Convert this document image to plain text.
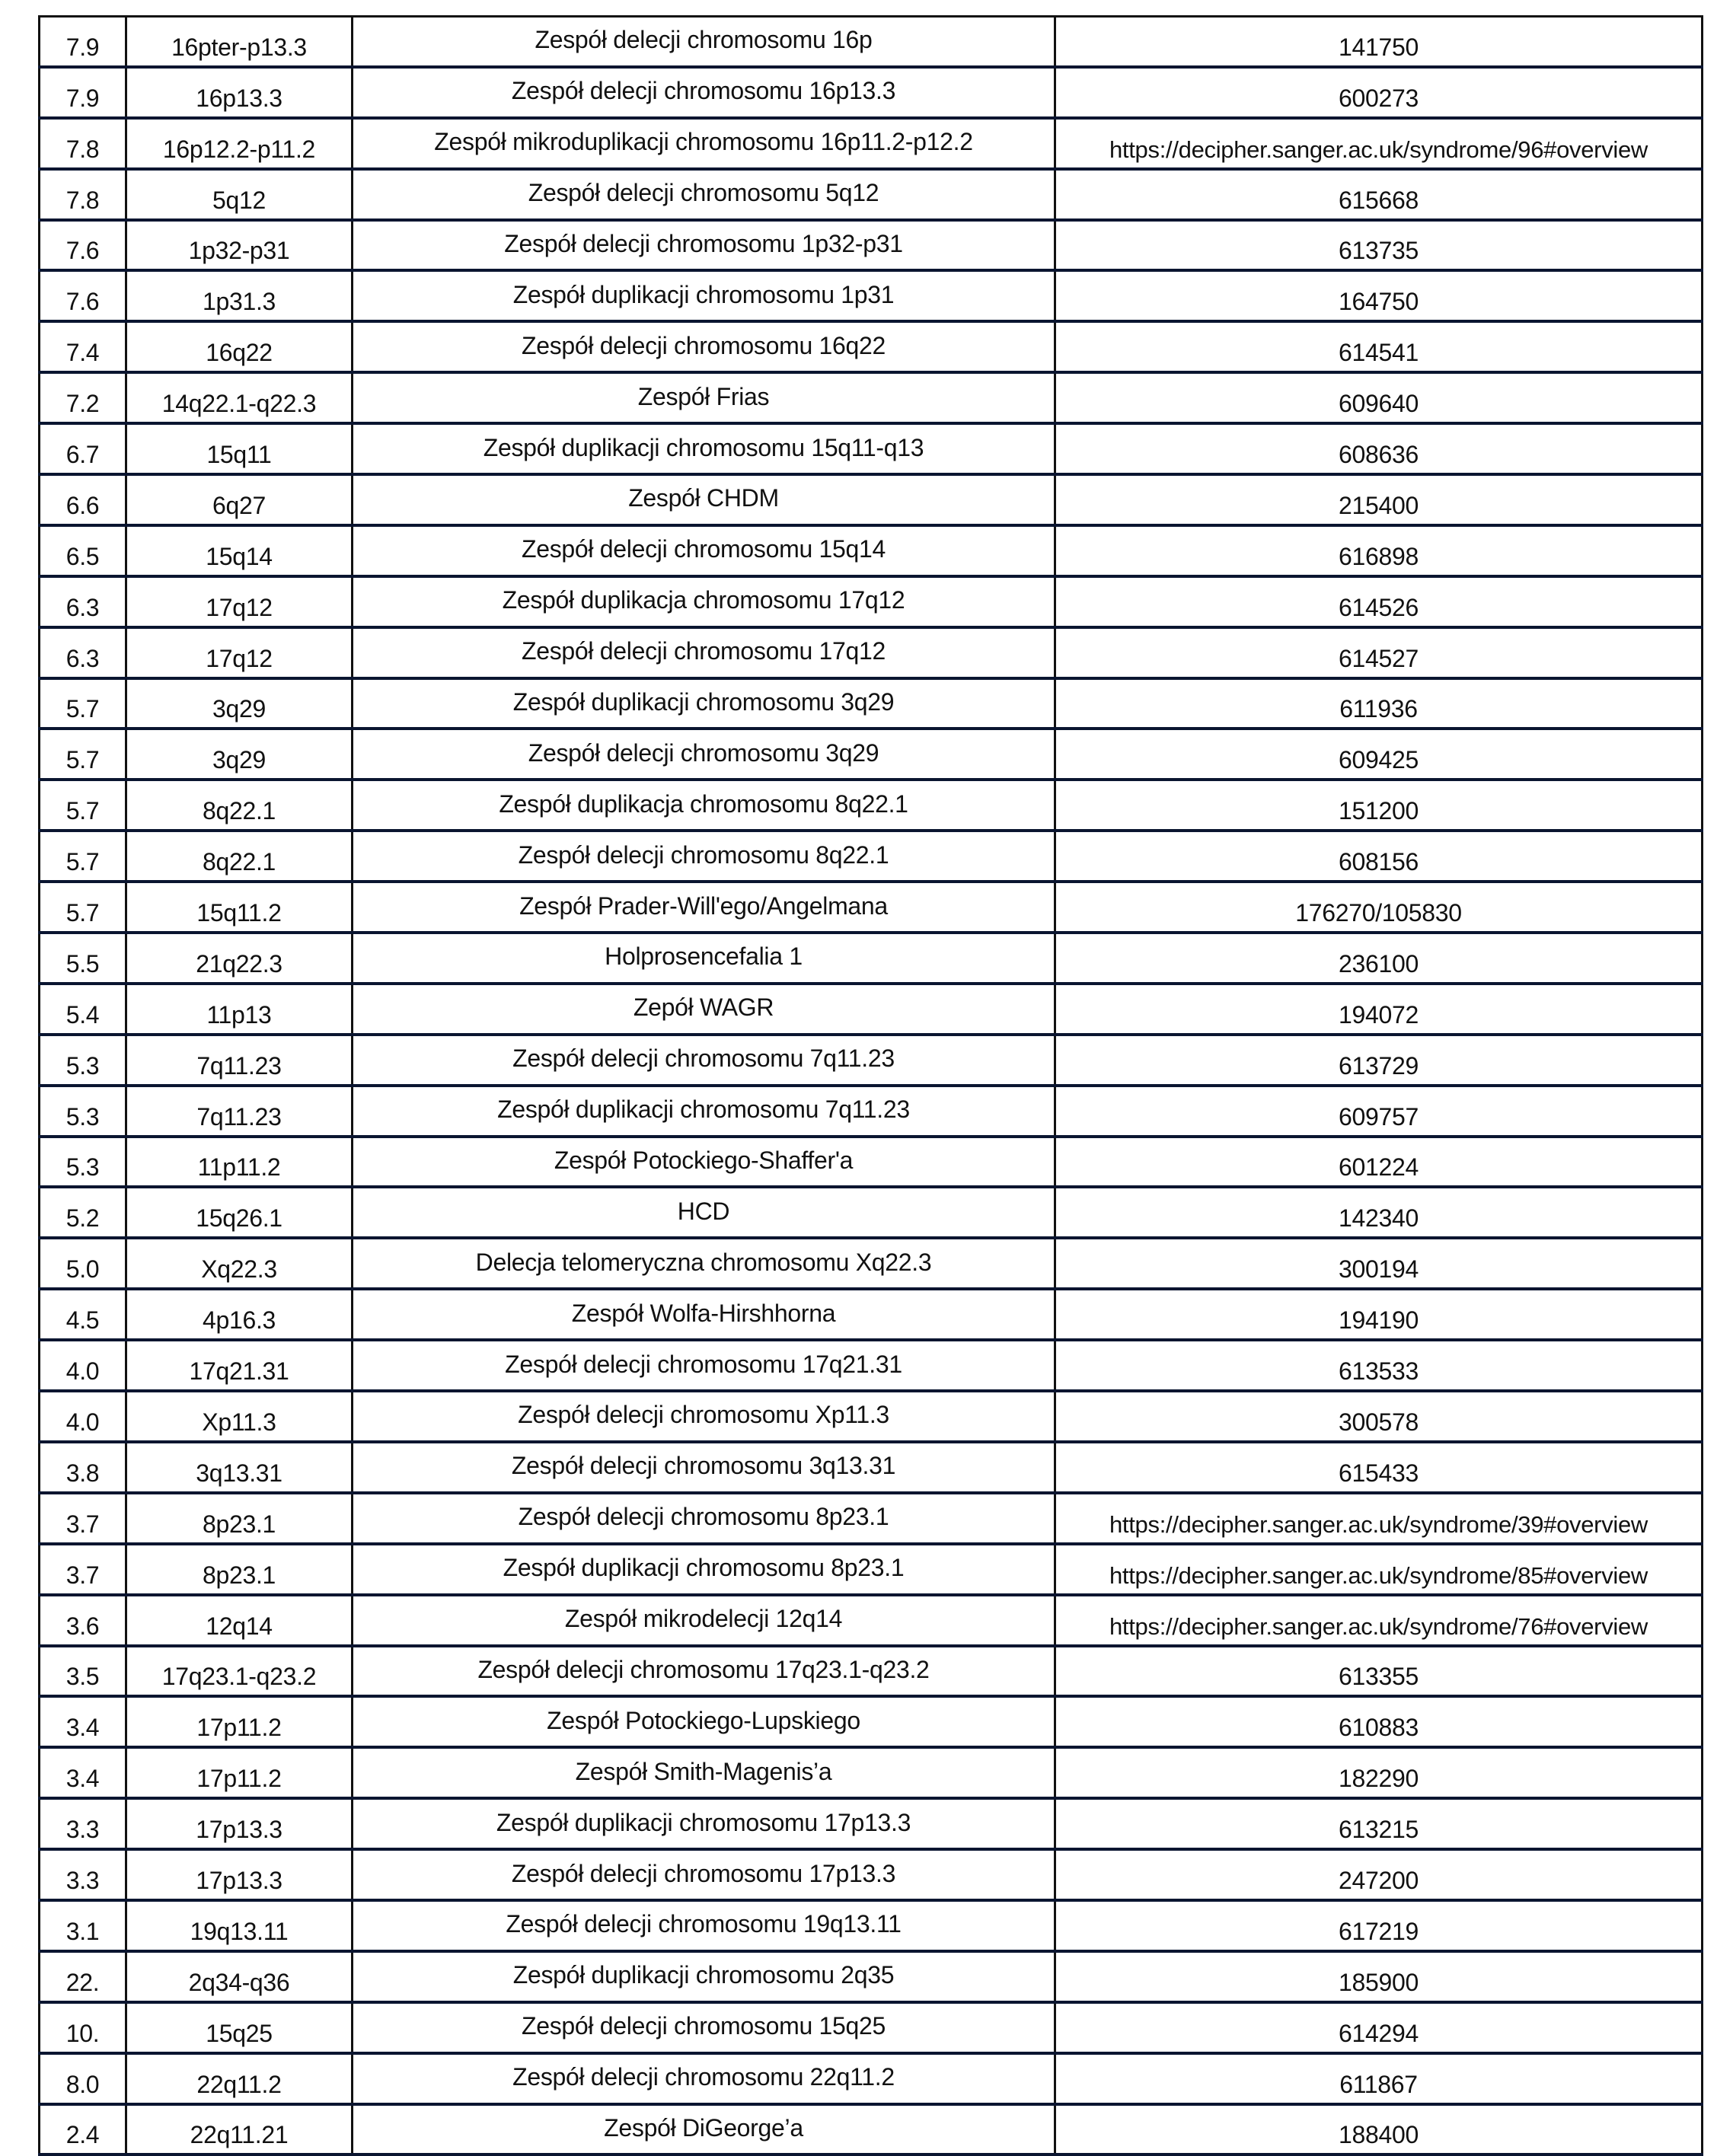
7.9	16pter-p13.3	Zespół delecji chromosomu 16p	141750
7.9	16p13.3	Zespół delecji chromosomu 16p13.3	600273
7.8	16p12.2-p11.2	Zespół mikroduplikacji chromosomu 16p11.2-p12.2	https://decipher.sanger.ac.uk/syndrome/96#overview
7.8	5q12	Zespół delecji chromosomu 5q12	615668
7.6	1p32-p31	Zespół delecji chromosomu 1p32-p31	613735
7.6	1p31.3	Zespół duplikacji chromosomu 1p31	164750
7.4	16q22	Zespół delecji chromosomu 16q22	614541
7.2	14q22.1-q22.3	Zespół Frias	609640
6.7	15q11	Zespół duplikacji chromosomu 15q11-q13	608636
6.6	6q27	Zespół CHDM	215400
6.5	15q14	Zespół delecji chromosomu 15q14	616898
6.3	17q12	Zespół duplikacja chromosomu 17q12	614526
6.3	17q12	Zespół delecji chromosomu 17q12	614527
5.7	3q29	Zespół duplikacji chromosomu 3q29	611936
5.7	3q29	Zespół delecji chromosomu 3q29	609425
5.7	8q22.1	Zespół duplikacja chromosomu 8q22.1	151200
5.7	8q22.1	Zespół delecji chromosomu 8q22.1	608156
5.7	15q11.2	Zespół Prader-Will'ego/Angelmana	176270/105830
5.5	21q22.3	Holprosencefalia 1	236100
5.4	11p13	Zepół WAGR	194072
5.3	7q11.23	Zespół delecji chromosomu 7q11.23	613729
5.3	7q11.23	Zespół duplikacji chromosomu 7q11.23	609757
5.3	11p11.2	Zespół Potockiego-Shaffer'a	601224
5.2	15q26.1	HCD	142340
5.0	Xq22.3	Delecja telomeryczna chromosomu Xq22.3	300194
4.5	4p16.3	Zespół Wolfa-Hirshhorna	194190
4.0	17q21.31	Zespół delecji chromosomu 17q21.31	613533
4.0	Xp11.3	Zespół delecji chromosomu Xp11.3	300578
3.8	3q13.31	Zespół delecji chromosomu 3q13.31	615433
3.7	8p23.1	Zespół delecji chromosomu 8p23.1	https://decipher.sanger.ac.uk/syndrome/39#overview
3.7	8p23.1	Zespół duplikacji chromosomu 8p23.1	https://decipher.sanger.ac.uk/syndrome/85#overview
3.6	12q14	Zespół mikrodelecji 12q14	https://decipher.sanger.ac.uk/syndrome/76#overview
3.5	17q23.1-q23.2	Zespół delecji chromosomu 17q23.1-q23.2	613355
3.4	17p11.2	Zespół Potockiego-Lupskiego	610883
3.4	17p11.2	Zespół Smith-Magenis’a	182290
3.3	17p13.3	Zespół duplikacji chromosomu 17p13.3	613215
3.3	17p13.3	Zespół delecji chromosomu 17p13.3	247200
3.1	19q13.11	Zespół delecji chromosomu 19q13.11	617219
22.	2q34-q36	Zespół duplikacji chromosomu 2q35	185900
10.	15q25	Zespół delecji chromosomu 15q25	614294
8.0	22q11.2	Zespół delecji chromosomu 22q11.2	611867
2.4	22q11.21	Zespół DiGeorge’a	188400
